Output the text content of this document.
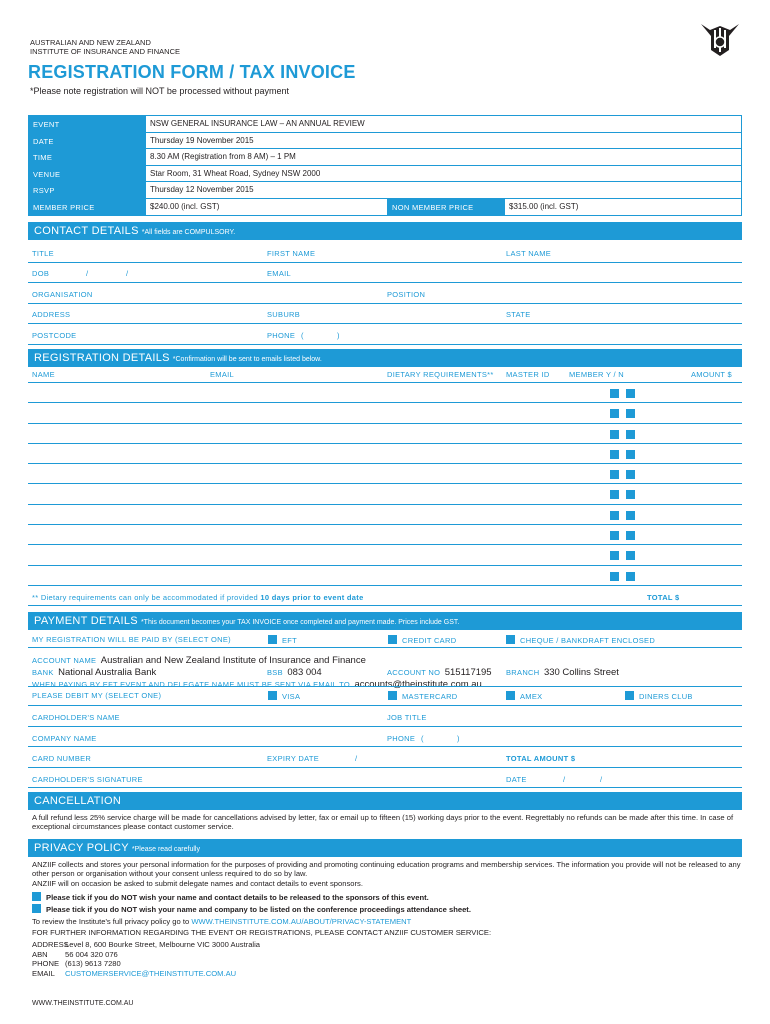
AUSTRALIAN AND NEW ZEALAND
INSTITUTE OF INSURANCE AND FINANCE
REGISTRATION FORM / TAX INVOICE
*Please note registration will NOT be processed without payment
EVENT	NSW GENERAL INSURANCE LAW – AN ANNUAL REVIEW
DATE	Thursday 19 November 2015
TIME	8.30 AM (Registration from 8 AM) – 1 PM
VENUE	Star Room, 31 Wheat Road, Sydney NSW 2000
RSVP	Thursday 12 November 2015
MEMBER PRICE	$240.00 (incl. GST)	NON MEMBER PRICE	$315.00 (incl. GST)
CONTACT DETAILS *All fields are COMPULSORY.
TITLE	FIRST NAME	LAST NAME
DOB	/	/	EMAIL
ORGANISATION	POSITION
ADDRESS	SUBURB	STATE
POSTCODE	PHONE (	)
REGISTRATION DETAILS *Confirmation will be sent to emails listed below.
NAME	EMAIL	DIETARY REQUIREMENTS** MASTER ID	MEMBER Y / N	AMOUNT $
** Dietary requirements can only be accommodated if provided 10 days prior to event date	TOTAL $
PAYMENT DETAILS *This document becomes your TAX INVOICE once completed and payment made. Prices include GST.
MY REGISTRATION WILL BE PAID BY (SELECT ONE)	EFT	CREDIT CARD	CHEQUE / BANKDRAFT ENCLOSED
ACCOUNT NAME Australian and New Zealand Institute of Insurance and Finance
BANK National Australia Bank	BSB 083 004	ACCOUNT NO 515117195 BRANCH 330 Collins Street
WHEN PAYING BY EFT EVENT AND DELEGATE NAME MUST BE SENT VIA EMAIL TO accounts@theinstitute.com.au
PLEASE DEBIT MY (SELECT ONE)	VISA	MASTERCARD	AMEX	DINERS CLUB
CARDHOLDER'S NAME	JOB TITLE
COMPANY NAME	PHONE (	)
CARD NUMBER	EXPIRY DATE	/	TOTAL AMOUNT $
CARDHOLDER'S SIGNATURE	DATE	/	/
CANCELLATION
A full refund less 25% service charge will be made for cancellations advised by letter, fax or email up to fifteen (15) working days prior to the event. Regrettably no refunds can be made after this time. In case of exceptional circumstances please contact customer service.
PRIVACY POLICY *Please read carefully
ANZIIF collects and stores your personal information for the purposes of providing and promoting continuing education programs and membership services. The information you provide will not be released to any other person or organisation without your consent unless required to do so by law.
ANZIIF will on occasion be asked to submit delegate names and contact details to event sponsors.
Please tick if you do NOT wish your name and contact details to be released to the sponsors of this event.
Please tick if you do NOT wish your name and company to be listed on the conference proceedings attendance sheet.
To review the Institute's full privacy policy go to WWW.THEINSTITUTE.COM.AU/ABOUT/PRIVACY-STATEMENT
FOR FURTHER INFORMATION REGARDING THE EVENT OR REGISTRATIONS, PLEASE CONTACT ANZIIF CUSTOMER SERVICE:
ADDRESSLevel 8, 600 Bourke Street, Melbourne VIC 3000 Australia
ABN 56 004 320 076
PHONE (613) 9613 7280
EMAIL CUSTOMERSERVICE@THEINSTITUTE.COM.AU
WWW.THEINSTITUTE.COM.AU
